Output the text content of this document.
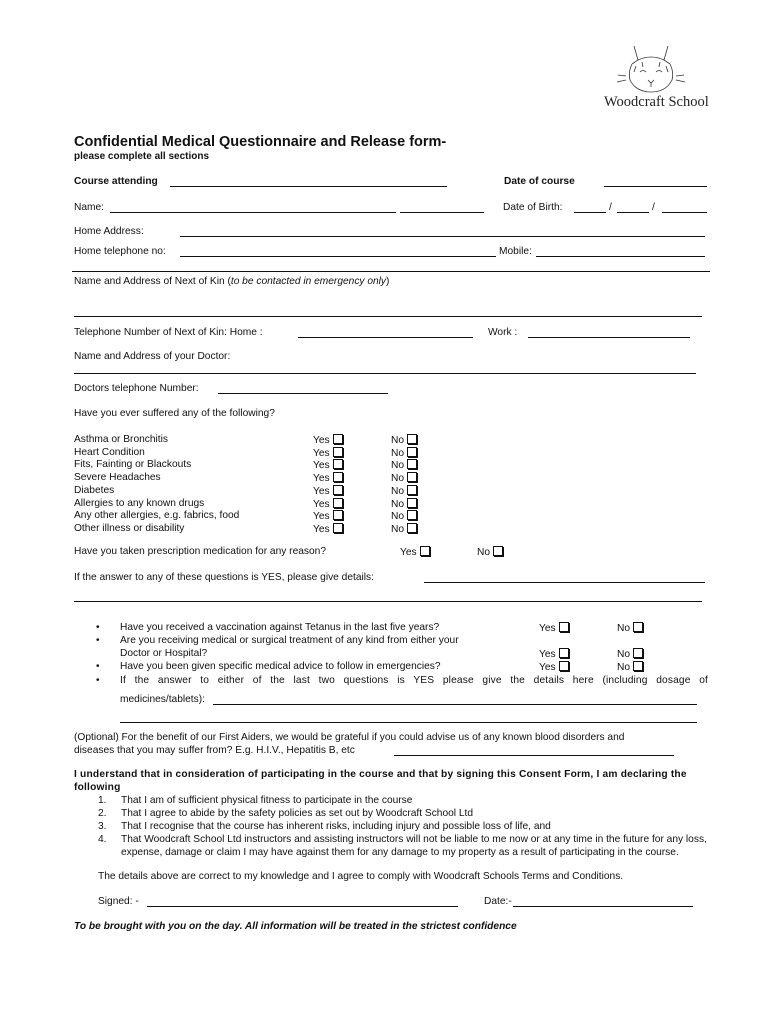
Woodcraft School
Confidential Medical Questionnaire and Release form-
please complete all sections
Course attending	Date of course
Name:	Date of Birth:	/	/
Home Address:
Home telephone no:	Mobile:
Name and Address of Next of Kin (to be contacted in emergency only)
Telephone Number of Next of Kin: Home :	Work :
Name and Address of your Doctor:
Doctors telephone Number:
Have you ever suffered any of the following?
Asthma or Bronchitis	Yes	No
Heart Condition	Yes	No
Fits, Fainting or Blackouts	Yes	No
Severe Headaches	Yes	No
Diabetes	Yes	No
Allergies to any known drugs	Yes	No
Any other allergies, e.g. fabrics, food	Yes	No
Other illness or disability	Yes	No
Have you taken prescription medication for any reason?	Yes	No
If the answer to any of these questions is YES, please give details:
• Have you received a vaccination against Tetanus in the last five years?	Yes	No
• Are you receiving medical or surgical treatment of any kind from either your
Doctor or Hospital?	Yes	No
• Have you been given specific medical advice to follow in emergencies?	Yes	No
• If the answer to either of the last two questions is YES please give the details here (including dosage of
medicines/tablets):
(Optional) For the benefit of our First Aiders, we would be grateful if you could advise us of any known blood disorders and
diseases that you may suffer from? E.g. H.I.V., Hepatitis B, etc
I understand that in consideration of participating in the course and that by signing this Consent Form, I am declaring the following
1. That I am of sufficient physical fitness to participate in the course
2. That I agree to abide by the safety policies as set out by Woodcraft School Ltd
3. That I recognise that the course has inherent risks, including injury and possible loss of life, and
4. That Woodcraft School Ltd instructors and assisting instructors will not be liable to me now or at any time in the future for any loss, expense, damage or claim I may have against them for any damage to my property as a result of participating in the course.
The details above are correct to my knowledge and I agree to comply with Woodcraft Schools Terms and Conditions.
Signed: -	Date:-
To be brought with you on the day. All information will be treated in the strictest confidence
